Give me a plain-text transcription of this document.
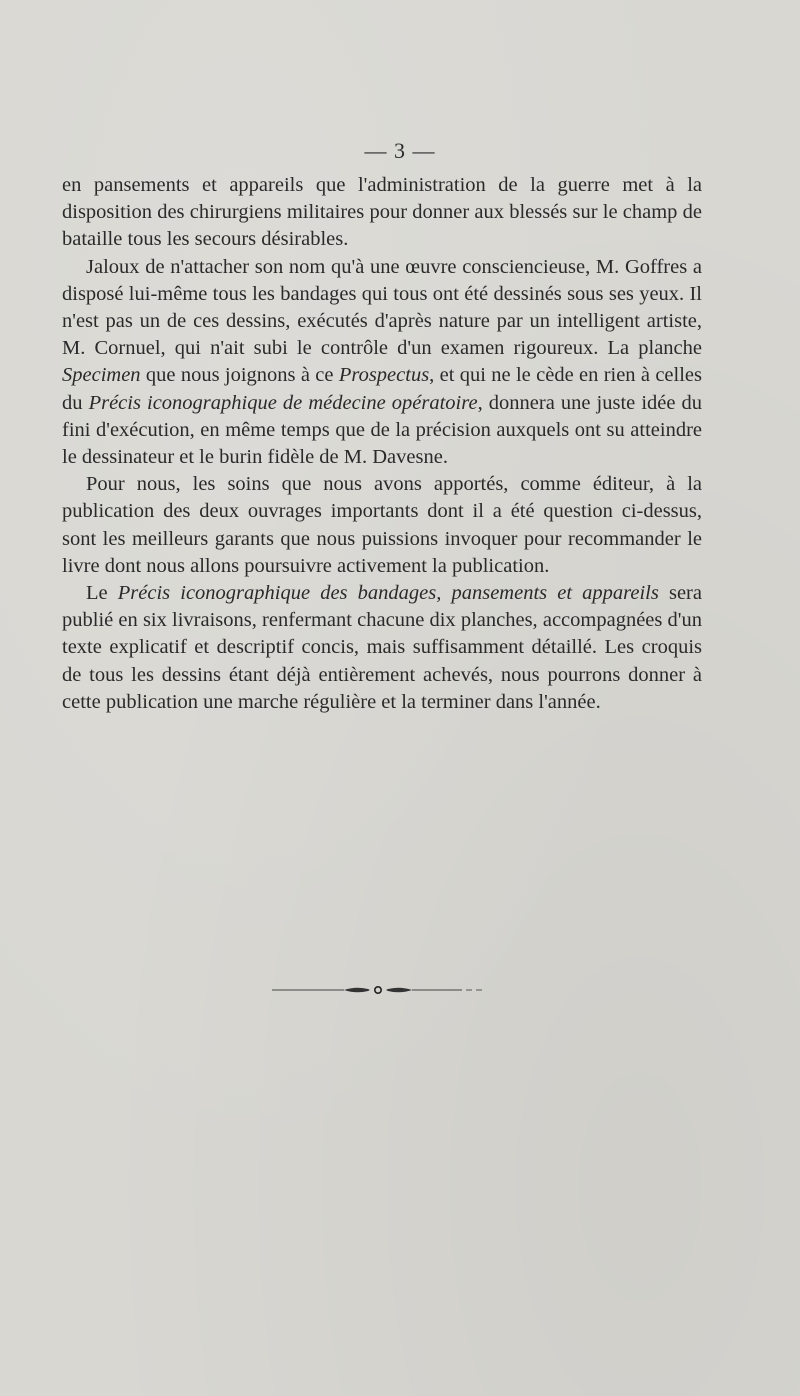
— 3 —

en pansements et appareils que l'administration de la guerre met à la disposition des chirurgiens militaires pour donner aux blessés sur le champ de bataille tous les secours désirables.

Jaloux de n'attacher son nom qu'à une œuvre consciencieuse, M. Goffres a disposé lui-même tous les bandages qui tous ont été dessinés sous ses yeux. Il n'est pas un de ces dessins, exécutés d'après nature par un intelligent artiste, M. Cornuel, qui n'ait subi le contrôle d'un examen rigoureux. La planche Specimen que nous joignons à ce Prospectus, et qui ne le cède en rien à celles du Précis iconographique de médecine opératoire, donnera une juste idée du fini d'exécution, en même temps que de la précision auxquels ont su atteindre le dessinateur et le burin fidèle de M. Davesne.

Pour nous, les soins que nous avons apportés, comme éditeur, à la publication des deux ouvrages importants dont il a été question ci-dessus, sont les meilleurs garants que nous puissions invoquer pour recommander le livre dont nous allons poursuivre activement la publication.

Le Précis iconographique des bandages, pansements et appareils sera publié en six livraisons, renfermant chacune dix planches, accompagnées d'un texte explicatif et descriptif concis, mais suffisamment détaillé. Les croquis de tous les dessins étant déjà entièrement achevés, nous pourrons donner à cette publication une marche régulière et la terminer dans l'année.
